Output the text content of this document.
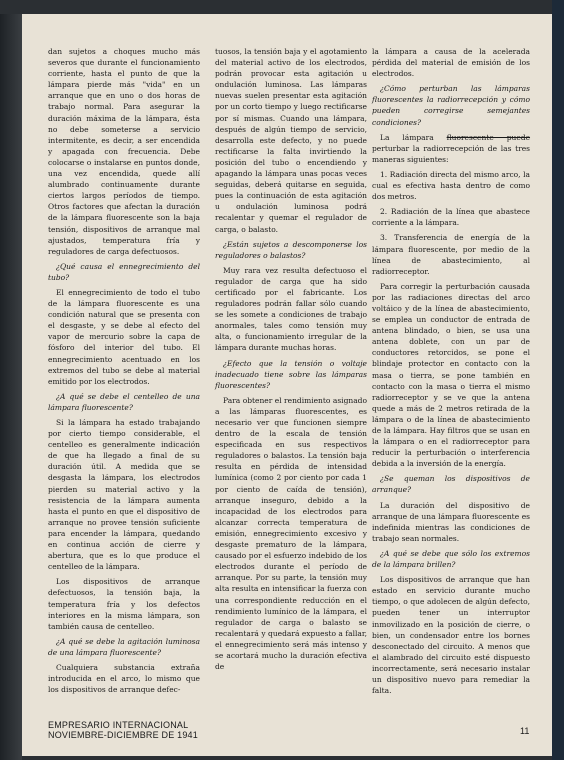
dan sujetos a choques mucho más severos que durante el funcionamiento corriente, hasta el punto de que la lámpara pierde más "vida" en un arranque que en uno o dos horas de trabajo normal. Para asegurar la duración máxima de la lámpara, ésta no debe someterse a servicio intermitente, es decir, a ser encendida y apagada con frecuencia. Debe colocarse o instalarse en puntos donde, una vez encendida, quede allí alumbrado continuamente durante ciertos largos períodos de tiempo. Otros factores que afectan la duración de la lámpara fluorescente son la baja tensión, dispositivos de arranque mal ajustados, temperatura fría y reguladores de carga defectuosos.

¿Qué causa el ennegrecimiento del tubo?

El ennegrecimiento de todo el tubo de la lámpara fluorescente es una condición natural que se presenta con el desgaste, y se debe al efecto del vapor de mercurio sobre la capa de fósforo del interior del tubo. El ennegrecimiento acentuado en los extremos del tubo se debe al material emitido por los electrodos.

¿A qué se debe el centelleo de una lámpara fluorescente?

Si la lámpara ha estado trabajando por cierto tiempo considerable, el centelleo es generalmente indicación de que ha llegado a final de su duración útil. A medida que se desgasta la lámpara, los electrodos pierden su material activo y la resistencia de la lámpara aumenta hasta el punto en que el dispositivo de arranque no provee tensión suficiente para encender la lámpara, quedando en continua acción de cierre y abertura, que es lo que produce el centelleo de la lámpara.

Los dispositivos de arranque defectuosos, la tensión baja, la temperatura fría y los defectos interiores en la misma lámpara, son también causa de centelleo.

¿A qué se debe la agitación luminosa de una lámpara fluorescente?

Cualquiera substancia extraña introducida en el arco, lo mismo que los dispositivos de arranque defec-

tuosos, la tensión baja y el agotamiento del material activo de los electrodos, podrán provocar esta agitación u ondulación luminosa. Las lámparas nuevas suelen presentar esta agitación por un corto tiempo y luego rectificarse por sí mismas. Cuando una lámpara, después de algún tiempo de servicio, desarrolla este defecto, y no puede rectificarse la falta invirtiendo la posición del tubo o encendiendo y apagando la lámpara unas pocas veces seguidas, deberá quitarse en seguida, pues la continuación de esta agitación u ondulación luminosa podrá recalentar y quemar el regulador de carga, o balasto.

¿Están sujetos a descomponerse los reguladores o balastos?

Muy rara vez resulta defectuoso el regulador de carga que ha sido certificado por el fabricante. Los reguladores podrán fallar sólo cuando se les somete a condiciones de trabajo anormales, tales como tensión muy alta, o funcionamiento irregular de la lámpara durante muchas horas.

¿Efecto que la tensión o voltaje inadecuado tiene sobre las lámparas fluorescentes?

Para obtener el rendimiento asignado a las lámparas fluorescentes, es necesario ver que funcionen siempre dentro de la escala de tensión especificada en sus respectivos reguladores o balastos. La tensión baja resulta en pérdida de intensidad lumínica (como 2 por ciento por cada 1 por ciento de caída de tensión), arranque inseguro, debido a la incapacidad de los electrodos para alcanzar correcta temperatura de emisión, ennegrecimiento excesivo y desgaste prematuro de la lámpara, causado por el esfuerzo indebido de los electrodos durante el período de arranque. Por su parte, la tensión muy alta resulta en intensificar la fuerza con una correspondiente reducción en el rendimiento lumínico de la lámpara, el regulador de carga o balasto se recalentará y quedará expuesto a fallar, el ennegrecimiento será más intenso y se acortará mucho la duración efectiva de

la lámpara a causa de la acelerada pérdida del material de emisión de los electrodos.

¿Cómo perturban las lámparas fluorescentes la radiorrecepción y cómo pueden corregirse semejantes condiciones?

La lámpara fluorescente puede perturbar la radiorrecepción de las tres maneras siguientes:

1. Radiación directa del mismo arco, la cual es efectiva hasta dentro de como dos metros.

2. Radiación de la línea que abastece corriente a la lámpara.

3. Transferencia de energía de la lámpara fluorescente, por medio de la línea de abastecimiento, al radiorreceptor.

Para corregir la perturbación causada por las radiaciones directas del arco voltáico y de la línea de abastecimiento, se emplea un conductor de entrada de antena blindado, o bien, se usa una antena doblete, con un par de conductores retorcidos, se pone el blindaje protector en contacto con la masa o tierra, se pone también en contacto con la masa o tierra el mismo radiorreceptor y se ve que la antena quede a más de 2 metros retirada de la lámpara o de la línea de abastecimiento de la lámpara. Hay filtros que se usan en la lámpara o en el radiorreceptor para reducir la perturbación o interferencia debida a la inversión de la energía.

¿Se queman los dispositivos de arranque?

La duración del dispositivo de arranque de una lámpara fluorescente es indefinida mientras las condiciones de trabajo sean normales.

¿A qué se debe que sólo los extremos de la lámpara brillen?

Los dispositivos de arranque que han estado en servicio durante mucho tiempo, o que adolecen de algún defecto, pueden tener un interruptor inmovilizado en la posición de cierre, o bien, un condensador entre los bornes desconectado del circuito. A menos que el alambrado del circuito esté dispuesto incorrectamente, será necesario instalar un dispositivo nuevo para remediar la falta.

EMPRESARIO INTERNACIONAL
NOVIEMBRE-DICIEMBRE DE 1941	11
